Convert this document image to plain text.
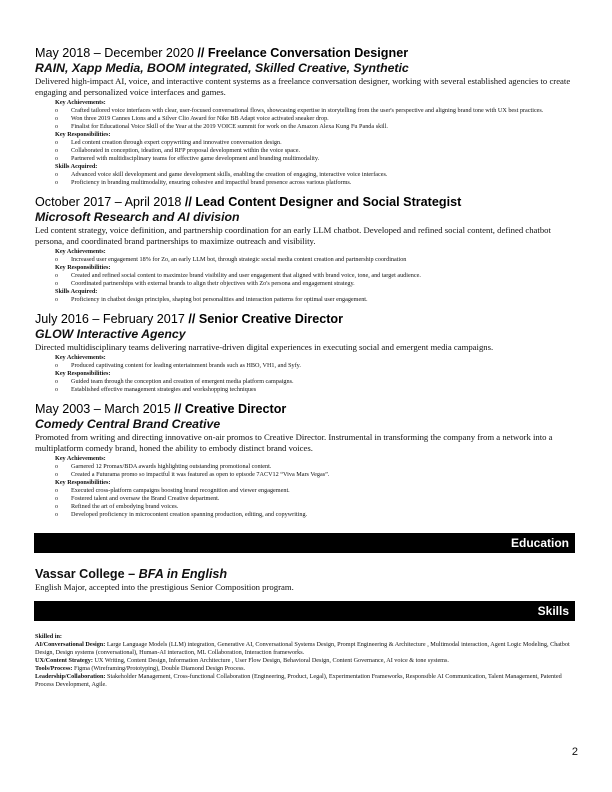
May 2018 – December 2020 // Freelance Conversation Designer
RAIN, Xapp Media, BOOM integrated, Skilled Creative, Synthetic
Delivered high-impact AI, voice, and interactive content systems as a freelance conversation designer, working with several established agencies to create engaging and personalized voice interfaces and games.
Key Achievements:
o Crafted tailored voice interfaces with clear, user-focused conversational flows, showcasing expertise in storytelling from the user's perspective and aligning brand tone with UX best practices.
o Won three 2019 Cannes Lions and a Silver Clio Award for Nike BB Adapt voice activated sneaker drop.
o Finalist for Educational Voice Skill of the Year at the 2019 VOICE summit for work on the Amazon Alexa Kung Fu Panda skill.
Key Responsibilities:
o Led content creation through expert copywriting and innovative conversation design.
o Collaborated in conception, ideation, and RFP proposal development within the voice space.
o Partnered with multidisciplinary teams for effective game development and branding multimodality.
Skills Acquired:
o Advanced voice skill development and game development skills, enabling the creation of engaging, interactive voice interfaces.
o Proficiency in branding multimodality, ensuring cohesive and impactful brand presence across various platforms.
October 2017 – April 2018 // Lead Content Designer and Social Strategist
Microsoft Research and AI division
Led content strategy, voice definition, and partnership coordination for an early LLM chatbot. Developed and refined social content, defined chatbot persona, and coordinated brand partnerships to maximize outreach and visibility.
Key Achievements:
o Increased user engagement 18% for Zo, an early LLM bot, through strategic social media content creation and partnership coordination
Key Responsibilities:
o Created and refined social content to maximize brand visibility and user engagement that aligned with brand voice, tone, and target audience.
o Coordinated partnerships with external brands to align their objectives with Zo's persona and engagement strategy.
Skills Acquired:
o Proficiency in chatbot design principles, shaping bot personalities and interaction patterns for optimal user engagement.
July 2016 – February 2017 // Senior Creative Director
GLOW Interactive Agency
Directed multidisciplinary teams delivering narrative-driven digital experiences in executing social and emergent media campaigns.
Key Achievements:
o Produced captivating content for leading entertainment brands such as HBO, VH1, and Syfy.
Key Responsibilities:
o Guided team through the conception and creation of emergent media platform campaigns.
o Established effective management strategies and workshopping techniques
May 2003 – March 2015 // Creative Director
Comedy Central Brand Creative
Promoted from writing and directing innovative on-air promos to Creative Director. Instrumental in transforming the company from a network into a multiplatform comedy brand, honed the ability to embody distinct brand voices.
Key Achievements:
o Garnered 12 Promax/BDA awards highlighting outstanding promotional content.
o Created a Futurama promo so impactful it was featured as open to episode 7ACV12 “Viva Mars Vegas”.
Key Responsibilities:
o Executed cross-platform campaigns boosting brand recognition and viewer engagement.
o Fostered talent and oversaw the Brand Creative department.
o Refined the art of embodying brand voices.
o Developed proficiency in microcontent creation spanning production, editing, and copywriting.
Education
Vassar College – BFA in English
English Major, accepted into the prestigious Senior Composition program.
Skills
Skilled in:
AI/Conversational Design: Large Language Models (LLM) integration, Generative AI, Conversational Systems Design, Prompt Engineering & Architecture , Multimodal interaction, Agent Logic Modeling, Chatbot Design, Design systems (conversational), Human-AI interaction, ML Collaboration, Interaction frameworks.
UX/Content Strategy: UX Writing, Content Design, Information Architecture , User Flow Design, Behavioral Design, Content Governance, AI voice & tone systems.
Tools/Process: Figma (Wireframing/Prototyping), Double Diamond Design Process.
Leadership/Collaboration: Stakeholder Management, Cross-functional Collaboration (Engineering, Product, Legal), Experimentation Frameworks, Responsible AI Communication, Talent Management, Patented Process Development, Agile.
2
